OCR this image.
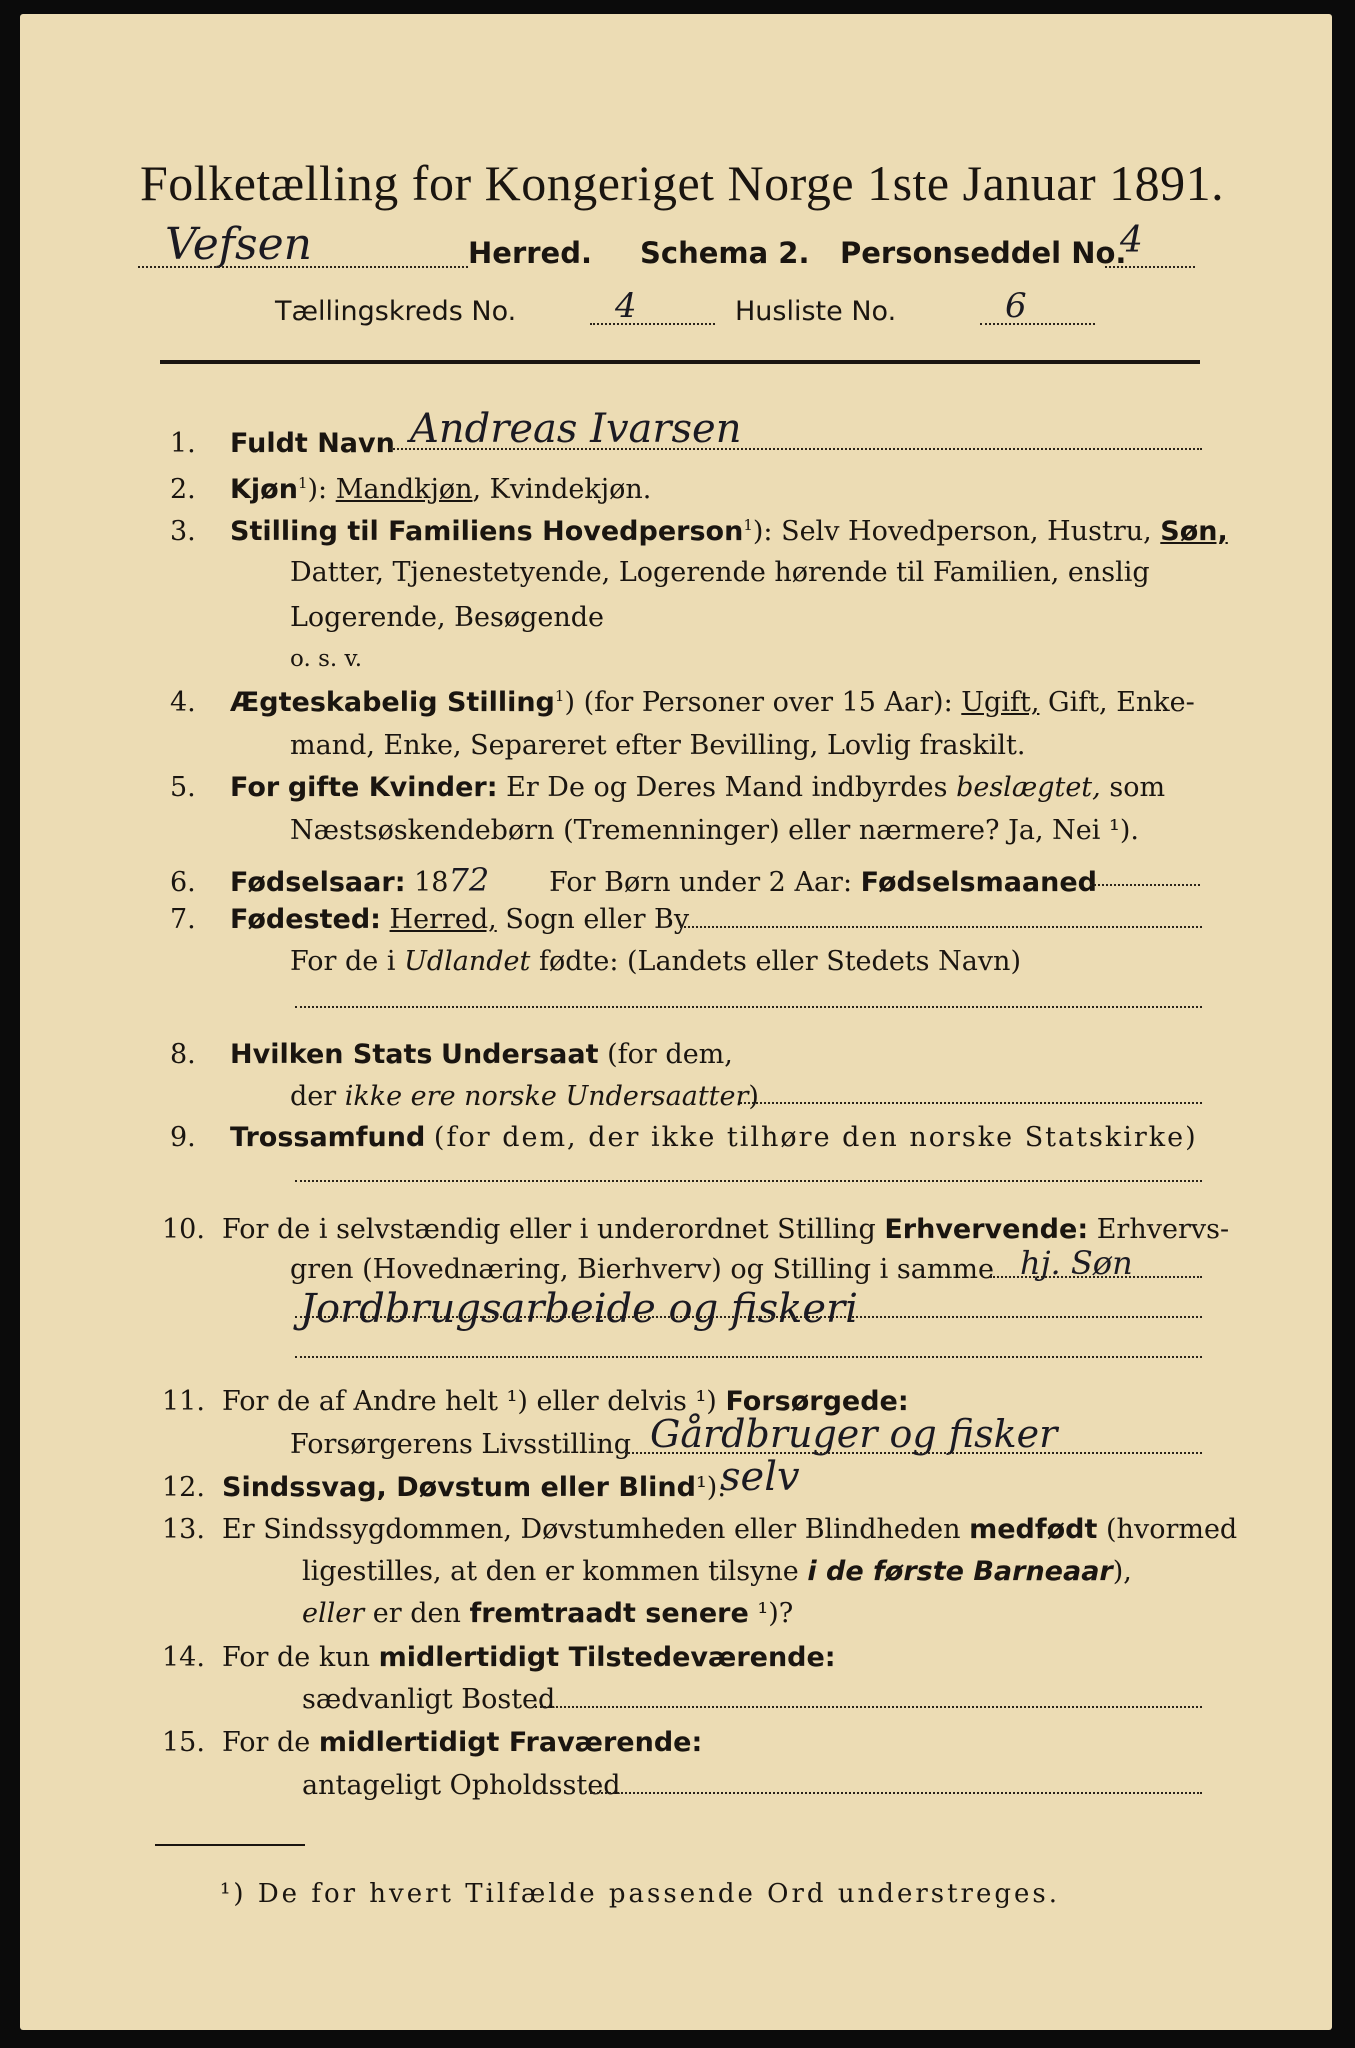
Folketælling for Kongeriget Norge 1ste Januar 1891.
Vefsen	Herred. Schema 2. Personseddel No.
4
Tællingskreds No.	4	Husliste No.	6
1. Fuldt Navn Andreas Ivarsen
2. Kjøn$^1$): Mandkjøn, Kvindekjøn.
3. Stilling til Familiens Hovedperson$^1$): Selv Hovedperson, Hustru, Søn,
Datter, Tjenestetyende, Logerende hørende til Familien, enslig
Logerende, Besøgende
o. s. v.
4. Ægteskabelig Stilling$^1$) (for Personer over 15 Aar): Ugift, Gift, Enke-
mand, Enke, Separeret efter Bevilling, Lovlig fraskilt.
5. For gifte Kvinder: Er De og Deres Mand indbyrdes beslægtet, som
Næstsøskendebørn (Tremenninger) eller nærmere? Ja, Nei ¹).
6. Fødselsaar: 1872 For Børn under 2 Aar: Fødselsmaaned
7. Fødested: Herred, Sogn eller By
For de i Udlandet fødte: (Landets eller Stedets Navn)
8. Hvilken Stats Undersaat (for dem,
der ikke ere norske Undersaatter)
9. Trossamfund (for dem, der ikke tilhøre den norske Statskirke)
10. For de i selvstændig eller i underordnet Stilling Erhvervende: Erhvervs-
gren (Hovednæring, Bierhverv) og Stilling i samme hj. Søn
Jordbrugsarbeide og fiskeri
11. For de af Andre helt ¹) eller delvis ¹) Forsørgede:
Forsørgerens Livsstilling Gårdbruger og fisker
12. Sindssvag, Døvstum eller Blind¹).
selv
13. Er Sindssygdommen, Døvstumheden eller Blindheden medfødt (hvormed
ligestilles, at den er kommen tilsyne i de første Barneaar),
eller er den fremtraadt senere ¹)?
14. For de kun midlertidigt Tilstedeværende:
sædvanligt Bosted
15. For de midlertidigt Fraværende:
antageligt Opholdssted
¹) De for hvert Tilfælde passende Ord understreges.
